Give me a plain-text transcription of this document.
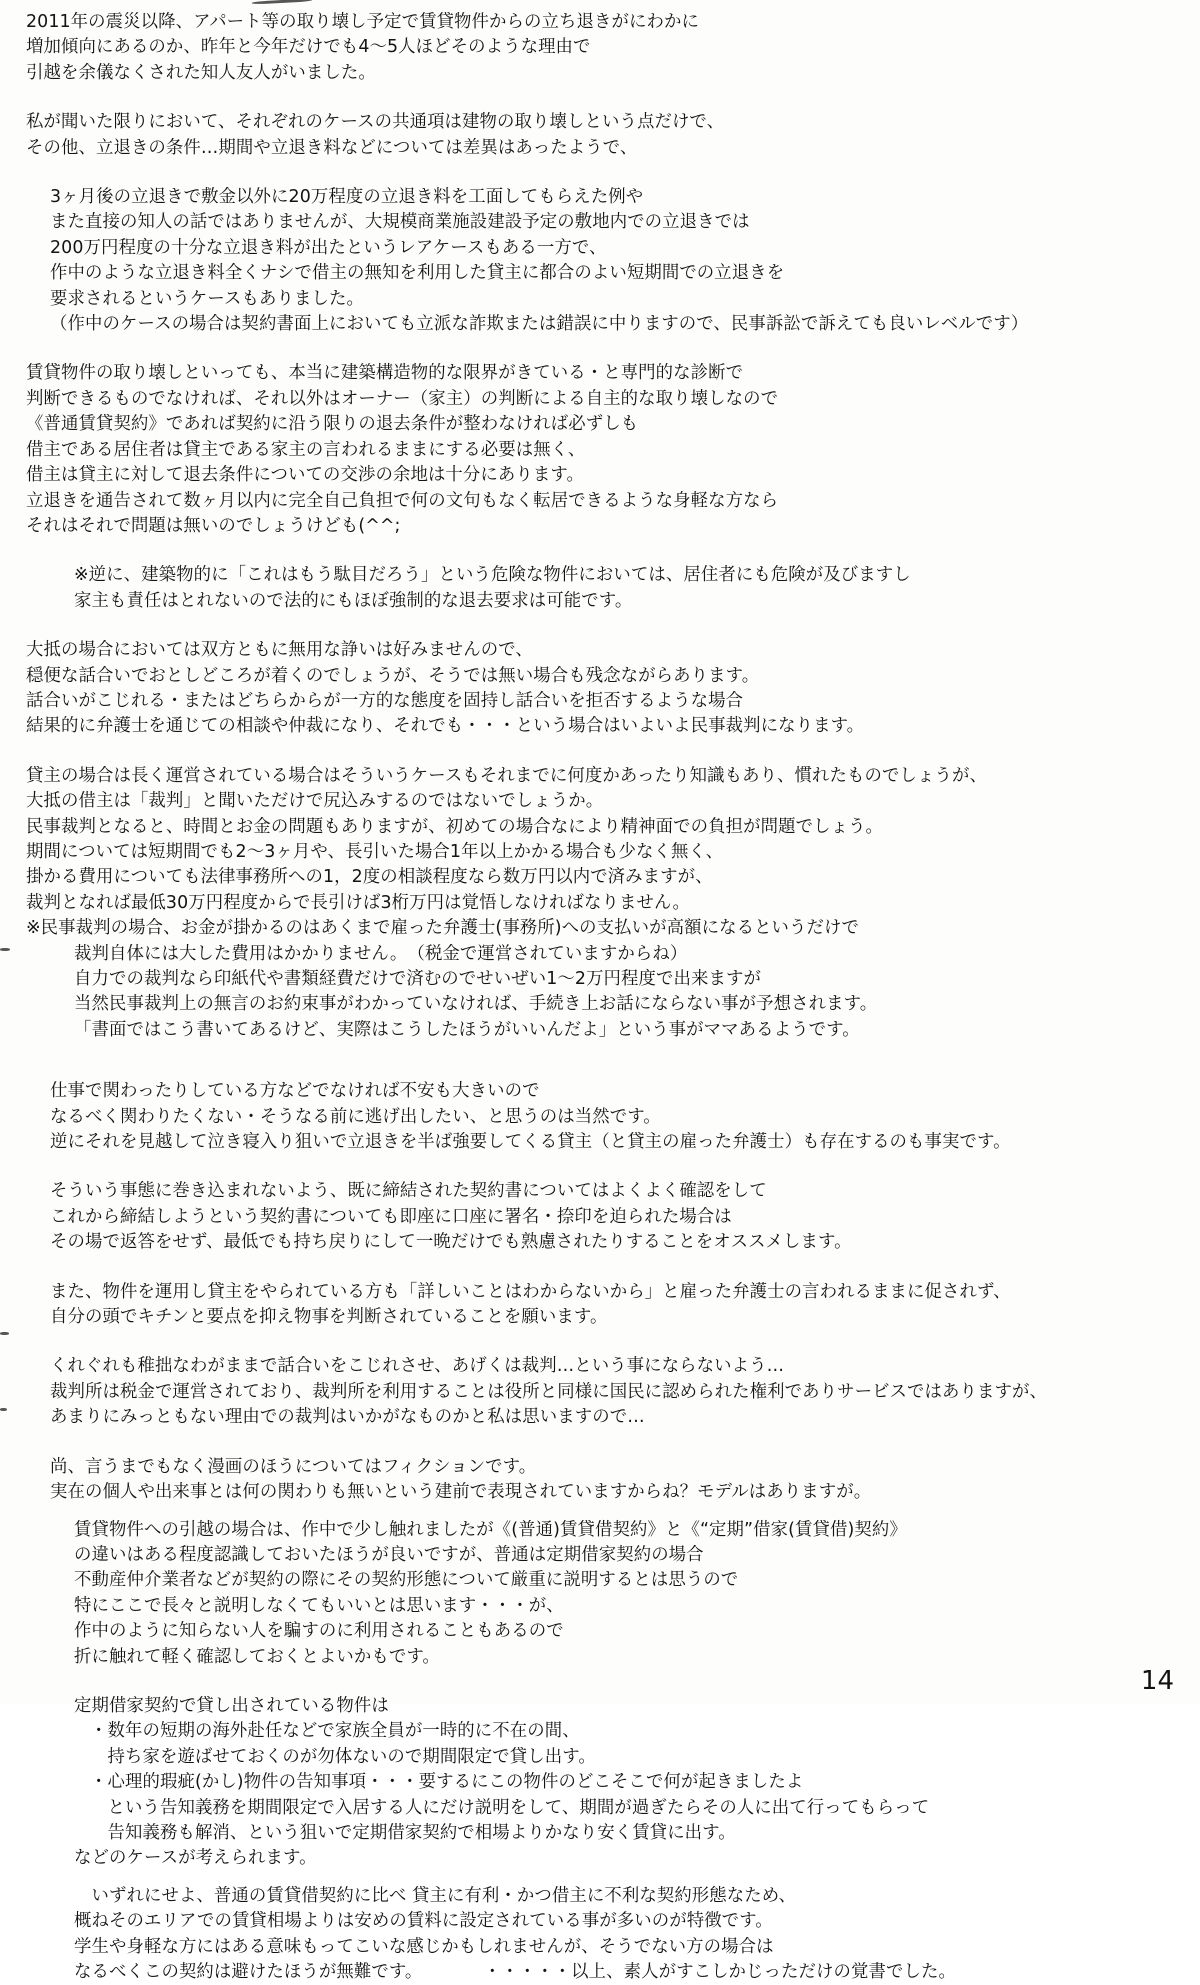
2011年の震災以降、アパート等の取り壊し予定で賃貸物件からの立ち退きがにわかに
増加傾向にあるのか、昨年と今年だけでも4～5人ほどそのような理由で
引越を余儀なくされた知人友人がいました。
私が聞いた限りにおいて、それぞれのケースの共通項は建物の取り壊しという点だけで、
その他、立退きの条件…期間や立退き料などについては差異はあったようで、
3ヶ月後の立退きで敷金以外に20万程度の立退き料を工面してもらえた例や
また直接の知人の話ではありませんが、大規模商業施設建設予定の敷地内での立退きでは
200万円程度の十分な立退き料が出たというレアケースもある一方で、
作中のような立退き料全くナシで借主の無知を利用した貸主に都合のよい短期間での立退きを
要求されるというケースもありました。
（作中のケースの場合は契約書面上においても立派な詐欺または錯誤に中りますので、民事訴訟で訴えても良いレベルです）
賃貸物件の取り壊しといっても、本当に建築構造物的な限界がきている・と専門的な診断で
判断できるものでなければ、それ以外はオーナー（家主）の判断による自主的な取り壊しなので
《普通賃貸契約》であれば契約に沿う限りの退去条件が整わなければ必ずしも
借主である居住者は貸主である家主の言われるままにする必要は無く、
借主は貸主に対して退去条件についての交渉の余地は十分にあります。
立退きを通告されて数ヶ月以内に完全自己負担で何の文句もなく転居できるような身軽な方なら
それはそれで問題は無いのでしょうけども(^^;
※逆に、建築物的に「これはもう駄目だろう」という危険な物件においては、居住者にも危険が及びますし
家主も責任はとれないので法的にもほぼ強制的な退去要求は可能です。
大抵の場合においては双方ともに無用な諍いは好みませんので、
穏便な話合いでおとしどころが着くのでしょうが、そうでは無い場合も残念ながらあります。
話合いがこじれる・またはどちらからが一方的な態度を固持し話合いを拒否するような場合
結果的に弁護士を通じての相談や仲裁になり、それでも・・・という場合はいよいよ民事裁判になります。
貸主の場合は長く運営されている場合はそういうケースもそれまでに何度かあったり知識もあり、慣れたものでしょうが、
大抵の借主は「裁判」と聞いただけで尻込みするのではないでしょうか。
民事裁判となると、時間とお金の問題もありますが、初めての場合なにより精神面での負担が問題でしょう。
期間については短期間でも2～3ヶ月や、長引いた場合1年以上かかる場合も少なく無く、
掛かる費用についても法律事務所への1，2度の相談程度なら数万円以内で済みますが、
裁判となれば最低30万円程度からで長引けば3桁万円は覚悟しなければなりません。
※民事裁判の場合、お金が掛かるのはあくまで雇った弁護士(事務所)への支払いが高額になるというだけで
裁判自体には大した費用はかかりません。　（税金で運営されていますからね）
自力での裁判なら印紙代や書類経費だけで済むのでせいぜい1～2万円程度で出来ますが
当然民事裁判上の無言のお約束事がわかっていなければ、手続き上お話にならない事が予想されます。
「書面ではこう書いてあるけど、実際はこうしたほうがいいんだよ」という事がママあるようです。
仕事で関わったりしている方などでなければ不安も大きいので
なるべく関わりたくない・そうなる前に逃げ出したい、と思うのは当然です。
逆にそれを見越して泣き寝入り狙いで立退きを半ば強要してくる貸主（と貸主の雇った弁護士）も存在するのも事実です。
そういう事態に巻き込まれないよう、既に締結された契約書についてはよくよく確認をして
これから締結しようという契約書についても即座に口座に署名・捺印を迫られた場合は
その場で返答をせず、最低でも持ち戻りにして一晩だけでも熟慮されたりすることをオススメします。
また、物件を運用し貸主をやられている方も「詳しいことはわからないから」と雇った弁護士の言われるままに促されず、
自分の頭でキチンと要点を抑え物事を判断されていることを願います。
くれぐれも稚拙なわがままで話合いをこじれさせ、あげくは裁判…という事にならないよう…
裁判所は税金で運営されており、裁判所を利用することは役所と同様に国民に認められた権利でありサービスではありますが、
あまりにみっともない理由での裁判はいかがなものかと私は思いますので…
尚、言うまでもなく漫画のほうについてはフィクションです。
実在の個人や出来事とは何の関わりも無いという建前で表現されていますからね？モデルはありますが。
賃貸物件への引越の場合は、作中で少し触れましたが《(普通)賃貸借契約》と《“定期”借家(賃貸借)契約》
の違いはある程度認識しておいたほうが良いですが、普通は定期借家契約の場合
不動産仲介業者などが契約の際にその契約形態について厳重に説明するとは思うので
特にここで長々と説明しなくてもいいとは思います・・・が、
作中のように知らない人を騙すのに利用されることもあるので
折に触れて軽く確認しておくとよいかもです。
定期借家契約で貸し出されている物件は
・数年の短期の海外赴任などで家族全員が一時的に不在の間、
　持ち家を遊ばせておくのが勿体ないので期間限定で貸し出す。
・心理的瑕疵(かし)物件の告知事項・・・要するにこの物件のどこそこで何が起きましたよ
　という告知義務を期間限定で入居する人にだけ説明をして、期間が過ぎたらその人に出て行ってもらって
　告知義務も解消、という狙いで定期借家契約で相場よりかなり安く賃貸に出す。
などのケースが考えられます。
　いずれにせよ、普通の賃貸借契約に比べ 貸主に有利・かつ借主に不利な契約形態なため、
概ねそのエリアでの賃貸相場よりは安めの賃料に設定されている事が多いのが特徴です。
学生や身軽な方にはある意味もってこいな感じかもしれませんが、そうでない方の場合は
なるべくこの契約は避けたほうが無難です。　　　　・・・・・以上、素人がすこしかじっただけの覚書でした。
14
